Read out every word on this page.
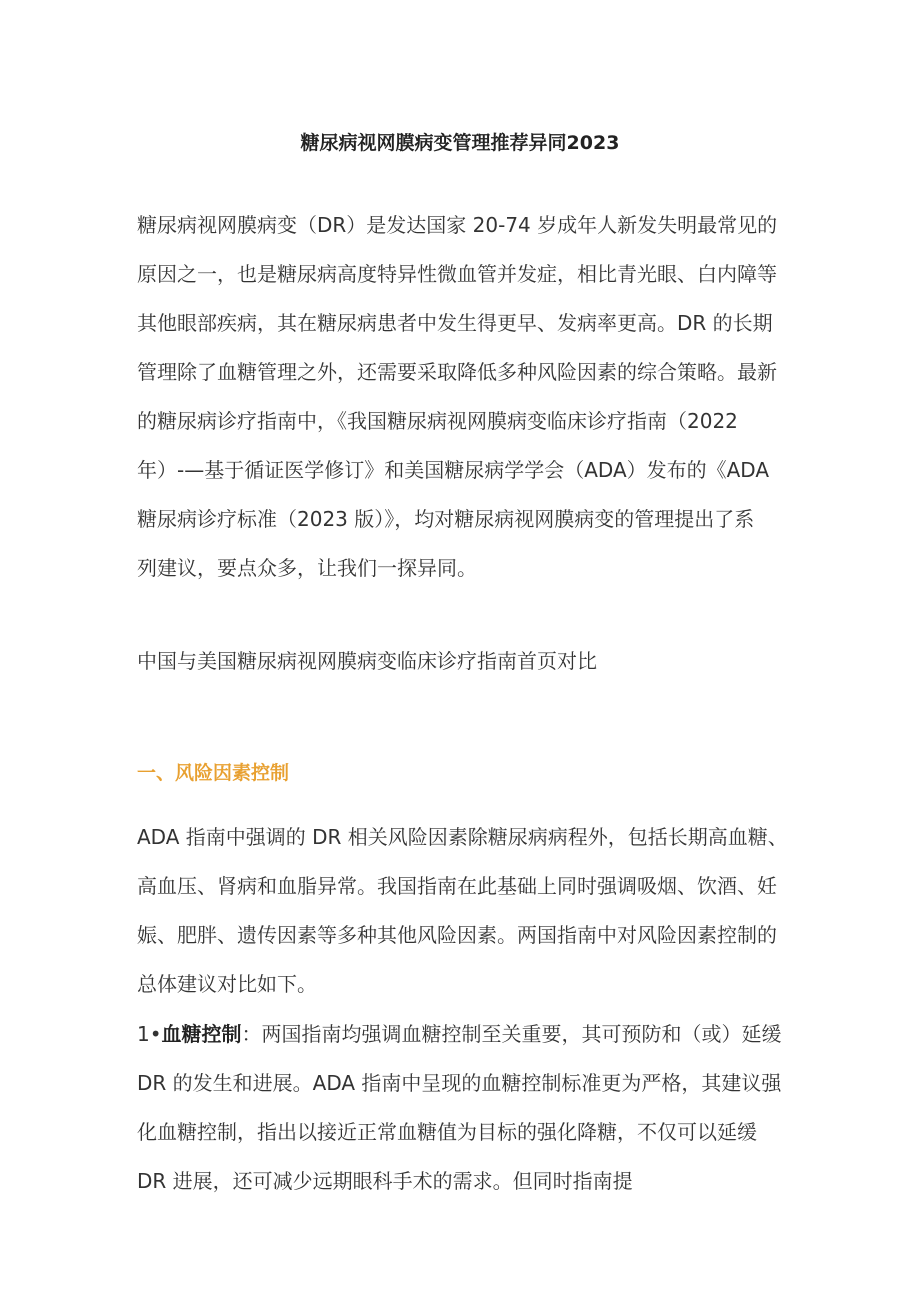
糖尿病视网膜病变管理推荐异同2023

糖尿病视网膜病变（DR）是发达国家 20-74 岁成年人新发失明最常见的
原因之一，也是糖尿病高度特异性微血管并发症，相比青光眼、白内障等
其他眼部疾病，其在糖尿病患者中发生得更早、发病率更高。DR 的长期
管理除了血糖管理之外，还需要采取降低多种风险因素的综合策略。最新
的糖尿病诊疗指南中，《我国糖尿病视网膜病变临床诊疗指南（2022
年）-—基于循证医学修订》和美国糖尿病学学会（ADA）发布的《ADA
糖尿病诊疗标准（2023 版）》，均对糖尿病视网膜病变的管理提出了系
列建议，要点众多，让我们一探异同。

中国与美国糖尿病视网膜病变临床诊疗指南首页对比

一、风险因素控制

ADA 指南中强调的 DR 相关风险因素除糖尿病病程外，包括长期高血糖、
高血压、肾病和血脂异常。我国指南在此基础上同时强调吸烟、饮酒、妊
娠、肥胖、遗传因素等多种其他风险因素。两国指南中对风险因素控制的
总体建议对比如下。

1•血糖控制：两国指南均强调血糖控制至关重要，其可预防和（或）延缓
DR 的发生和进展。ADA 指南中呈现的血糖控制标准更为严格，其建议强
化血糖控制，指出以接近正常血糖值为目标的强化降糖，不仅可以延缓
DR 进展，还可减少远期眼科手术的需求。但同时指南提
